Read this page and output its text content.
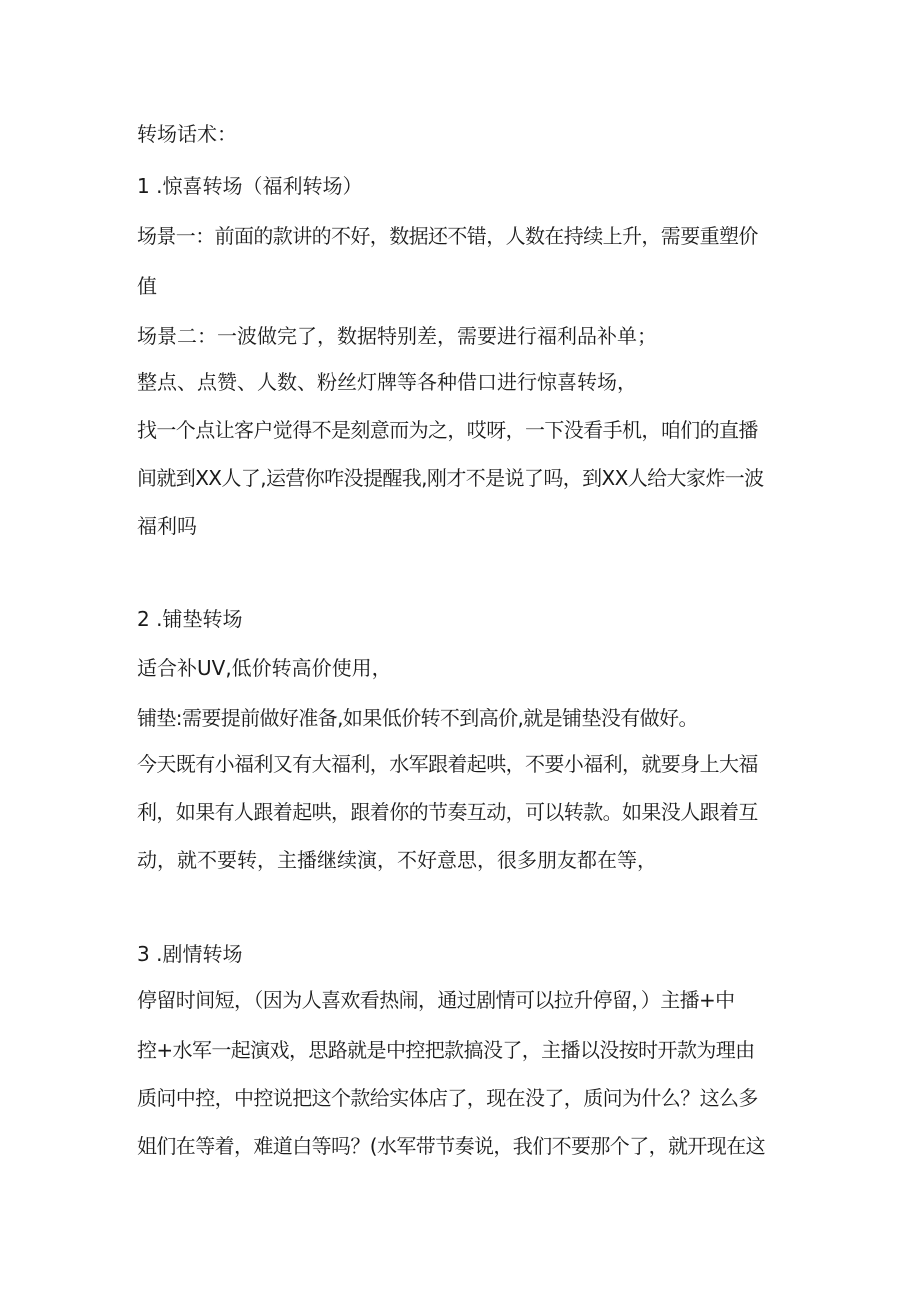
转场话术：
1 .惊喜转场（福利转场）
场景一：前面的款讲的不好，数据还不错，人数在持续上升，需要重塑价
值
场景二：一波做完了，数据特别差，需要进行福利品补单；
整点、点赞、人数、粉丝灯牌等各种借口进行惊喜转场，
找一个点让客户觉得不是刻意而为之，哎呀，一下没看手机，咱们的直播
间就到XX人了,运营你咋没提醒我,刚才不是说了吗，到XX人给大家炸一波
福利吗
2 .铺垫转场
适合补UV,低价转高价使用，
铺垫:需要提前做好准备,如果低价转不到高价,就是铺垫没有做好。
今天既有小福利又有大福利，水军跟着起哄，不要小福利，就要身上大福
利，如果有人跟着起哄，跟着你的节奏互动，可以转款。如果没人跟着互
动，就不要转，主播继续演，不好意思，很多朋友都在等，
3 .剧情转场
停留时间短，（因为人喜欢看热闹，通过剧情可以拉升停留，）主播+中
控+水军一起演戏，思路就是中控把款搞没了，主播以没按时开款为理由
质问中控，中控说把这个款给实体店了，现在没了，质问为什么？这么多
姐们在等着，难道白等吗？(水军带节奏说，我们不要那个了，就开现在这
